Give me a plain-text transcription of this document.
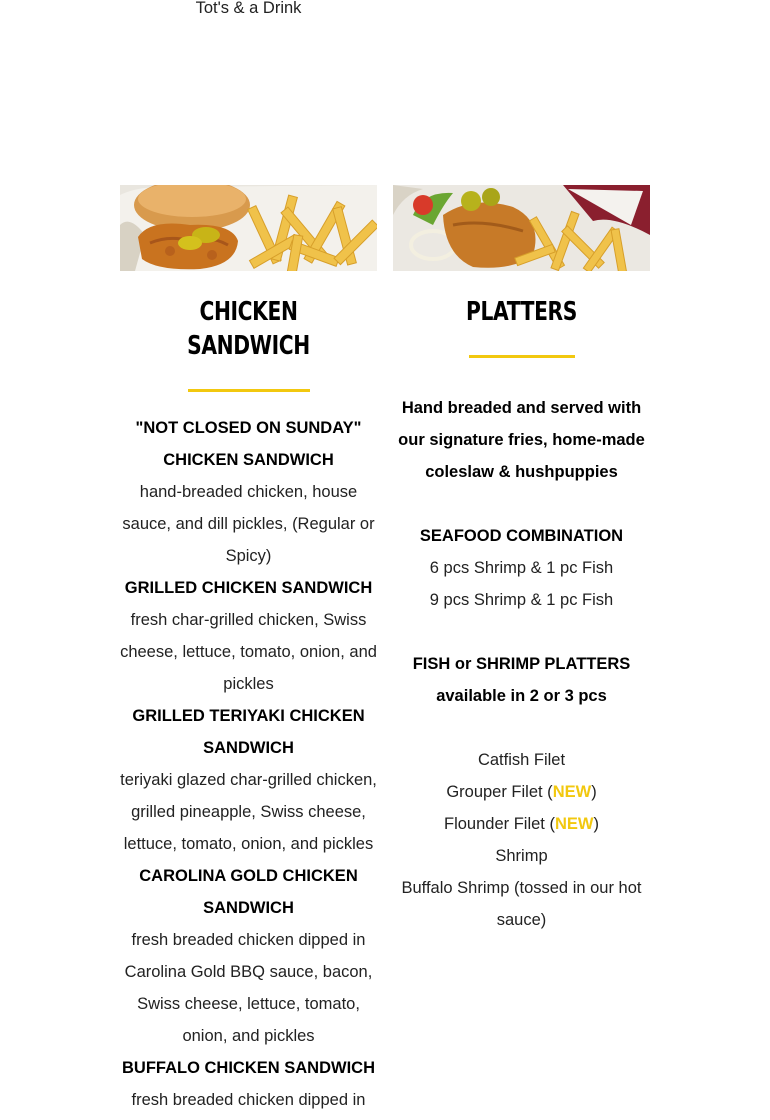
Tot's & a Drink
CHICKEN SANDWICH
"NOT CLOSED ON SUNDAY" CHICKEN SANDWICH
hand-breaded chicken, house sauce, and dill pickles, (Regular or Spicy)
GRILLED CHICKEN SANDWICH
fresh char-grilled chicken, Swiss cheese, lettuce, tomato, onion, and pickles
GRILLED TERIYAKI CHICKEN SANDWICH
teriyaki glazed char-grilled chicken, grilled pineapple, Swiss cheese, lettuce, tomato, onion, and pickles
CAROLINA GOLD CHICKEN SANDWICH
fresh breaded chicken dipped in Carolina Gold BBQ sauce, bacon, Swiss cheese, lettuce, tomato, onion, and pickles
BUFFALO CHICKEN SANDWICH
fresh breaded chicken dipped in
PLATTERS
Hand breaded and served with our signature fries, home-made coleslaw & hushpuppies
SEAFOOD COMBINATION
6 pcs Shrimp & 1 pc Fish
9 pcs Shrimp & 1 pc Fish
FISH or SHRIMP PLATTERS available in 2 or 3 pcs
Catfish Filet
Grouper Filet (NEW)
Flounder Filet (NEW)
Shrimp
Buffalo Shrimp (tossed in our hot sauce)
